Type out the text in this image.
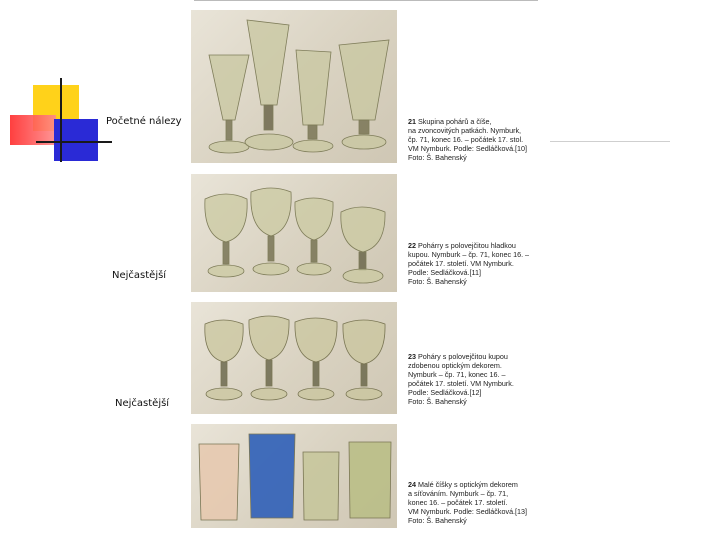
Početné nálezy
Nejčastější
Nejčastější
21 Skupina pohárů a číše,
na zvoncovitých patkách. Nymburk,
čp. 71, konec 16. – počátek 17. stol.
VM Nymburk. Podle: Sedláčková.[10]
Foto: Š. Bahenský
22 Pohárry s polovejčitou hladkou
kupou. Nymburk – čp. 71, konec 16. –
počátek 17. století. VM Nymburk.
Podle: Sedláčková.[11]
Foto: Š. Bahenský
23 Poháry s polovejčitou kupou
zdobenou optickým dekorem.
Nymburk – čp. 71, konec 16. –
počátek 17. století. VM Nymburk.
Podle: Sedláčková.[12]
Foto: Š. Bahenský
24 Malé číšky s optickým dekorem
a síťováním. Nymburk – čp. 71,
konec 16. – počátek 17. století.
VM Nymburk. Podle: Sedláčková.[13]
Foto: Š. Bahenský
